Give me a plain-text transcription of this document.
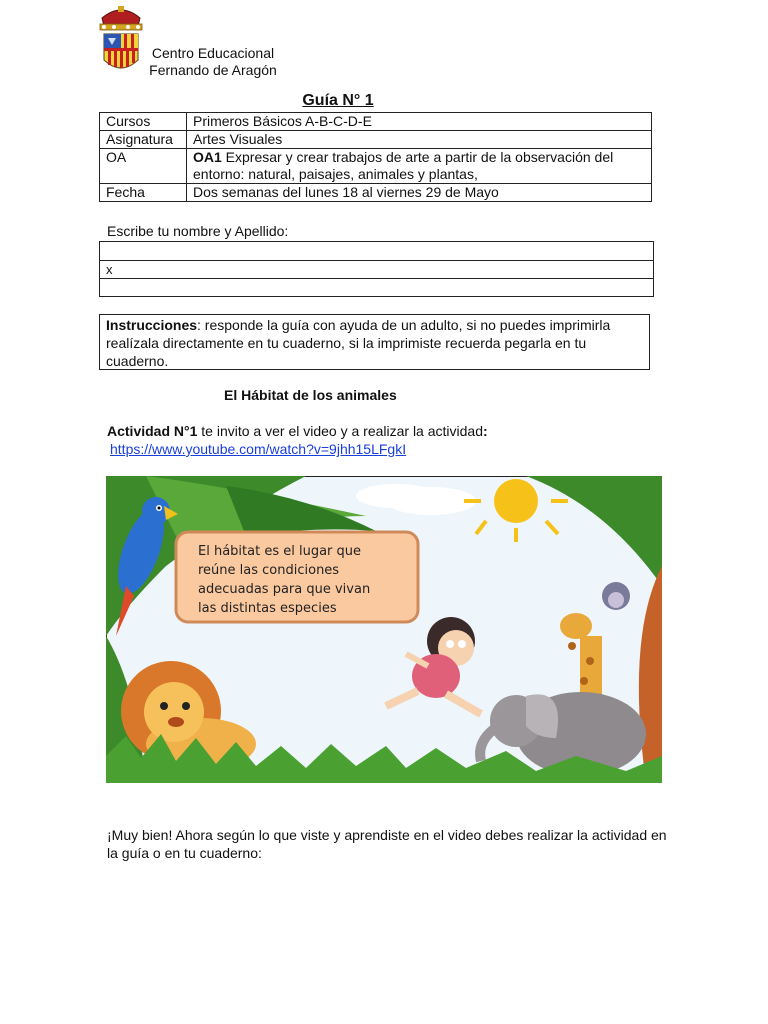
Centro Educacional
Fernando de Aragón
Guía N° 1
Cursos	Primeros Básicos A-B-C-D-E
Asignatura	Artes Visuales
OA	OA1 Expresar y crear trabajos de arte a partir de la observación del entorno: natural, paisajes, animales y plantas,
Fecha	Dos semanas del lunes 18 al viernes 29 de Mayo
Escribe tu nombre y Apellido:
x
Instrucciones: responde la guía con ayuda de un adulto, si no puedes imprimirla realízala directamente en tu cuaderno, si la imprimiste recuerda pegarla en tu cuaderno.
El Hábitat de los animales
Actividad N°1 te invito a ver el video y a realizar la actividad:
https://www.youtube.com/watch?v=9jhh15LFgkI
El hábitat es el lugar que
reúne las condiciones
adecuadas para que vivan
las distintas especies
¡Muy bien! Ahora según lo que viste y aprendiste en el video debes realizar la actividad en la guía o en tu cuaderno:
